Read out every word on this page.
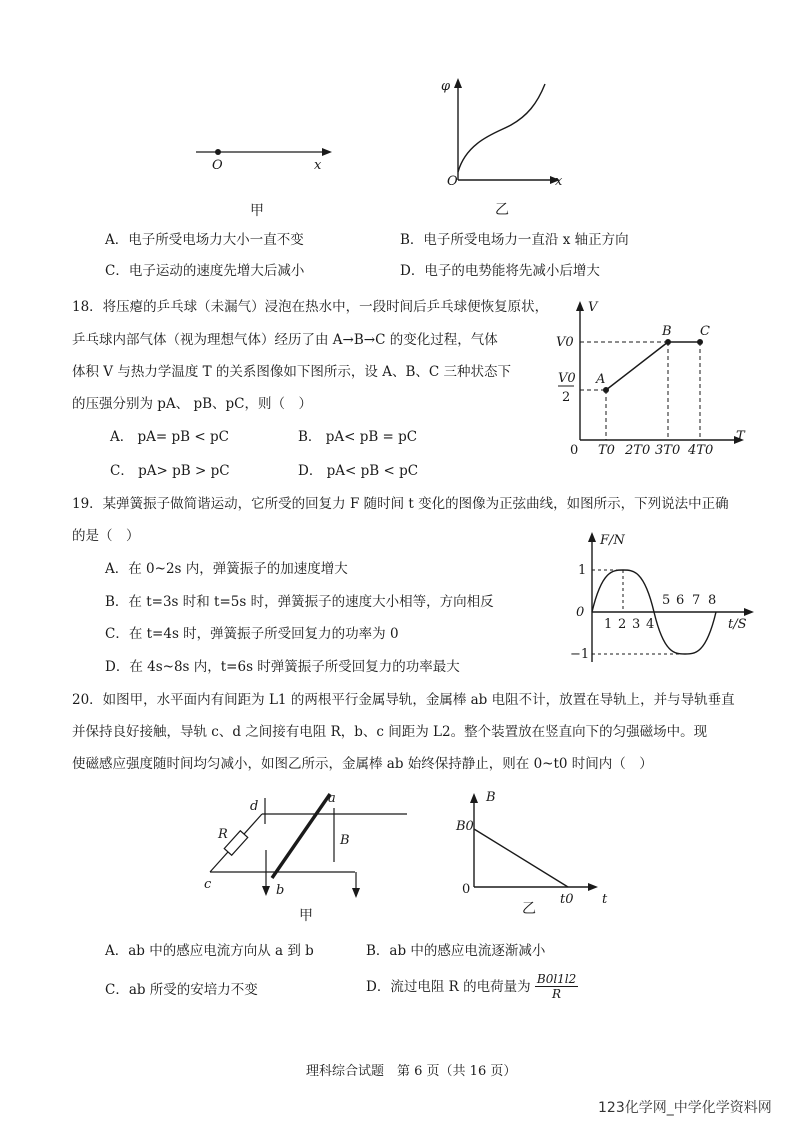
O	x
甲
φ
O	x
乙
A．电子所受电场力大小一直不变	B．电子所受电场力一直沿 x 轴正方向
C．电子运动的速度先增大后减小	D．电子的电势能将先减小后增大
18．将压瘪的乒乓球（未漏气）浸泡在热水中，一段时间后乒乓球便恢复原状，
乒乓球内部气体（视为理想气体）经历了由 A→B→C 的变化过程，气体
体积 V 与热力学温度 T 的关系图像如下图所示，设 A、B、C 三种状态下
的压强分别为 pA、 pB、pC，则（　）
A． pA= pB < pC	B． pA< pB = pC
C． pA> pB > pC	D． pA< pB < pC
V
T
0
V0
V0
2
T0 2T0 3T0 4T0
A
B C
19．某弹簧振子做简谐运动，它所受的回复力 F 随时间 t 变化的图像为正弦曲线，如图所示，下列说法中正确
的是（　）
A．在 0~2s 内，弹簧振子的加速度增大
B．在 t=3s 时和 t=5s 时，弹簧振子的速度大小相等，方向相反
C．在 t=4s 时，弹簧振子所受回复力的功率为 0
D．在 4s~8s 内，t=6s 时弹簧振子所受回复力的功率最大
F/N
t/S
0
1
−1
1 2 3 4
5 6 7 8
20．如图甲，水平面内有间距为 L1 的两根平行金属导轨，金属棒 ab 电阻不计，放置在导轨上，并与导轨垂直
并保持良好接触，导轨 c、d 之间接有电阻 R，b、c 间距为 L2。整个装置放在竖直向下的匀强磁场中。现
使磁感应强度随时间均匀减小，如图乙所示，金属棒 ab 始终保持静止，则在 0~t0 时间内（　）
d
a
R	B
c	b
甲
B
B0
0
t0 t
乙
A．ab 中的感应电流方向从 a 到 b	B．ab 中的感应电流逐渐减小
C．ab 所受的安培力不变	D．流过电阻 R 的电荷量为 $\frac{B0l1l2}{R}$
理科综合试题　第 6 页（共 16 页）
123化学网_中学化学资料网
